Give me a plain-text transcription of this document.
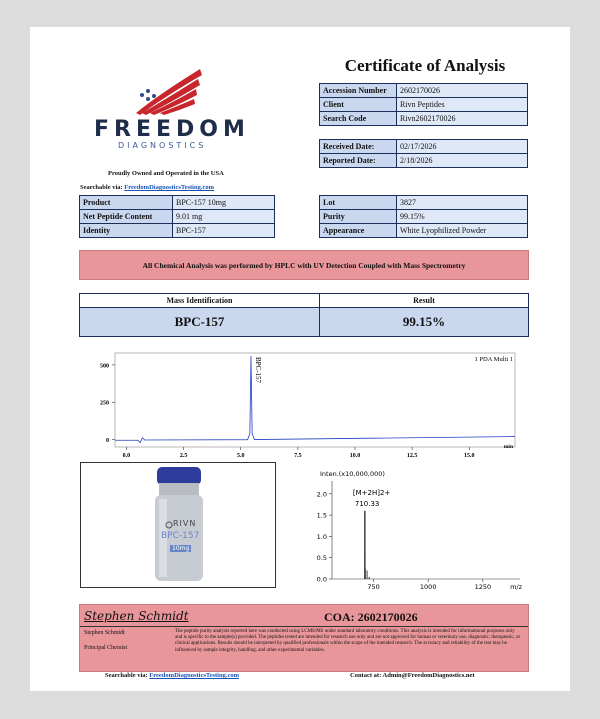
FREEDOM
DIAGNOSTICS
Proudly Owned and Operated in the USA
Searchable via: FreedomDiagnosticsTesting.com
Certificate of Analysis
Accession Number	2602170026
Client	Rivn Peptides
Search Code	Rivn2602170026
Received Date:	02/17/2026
Reported Date:	2/18/2026
Product	BPC-157 10mg
Net Peptide Content	9.01 mg
Identity	BPC-157
Lot	3827
Purity	99.15%
Appearance	White Lyophilized Powder
All Chemical Analysis was performed by HPLC with UV Detection Coupled with Mass Spectrometry
Mass Identification	Result
BPC-157	99.15%
0
250
500
0.0	2.5	5.0	7.5	10.0	12.5	15.0
min
1 PDA Multi 1
BPC-157
RIVN
BPC-157
10mg
Inten.(x10,000,000)
0.0
0.5
1.0
1.5
2.0
750	1000	1250	m/z
[M+2H]2+
710.33
Stephen Schmidt	COA: 2602170026
Stephen Schmidt
Principal Chemist
The peptide purity analysis reported here was conducted using LCMS/MS under standard laboratory conditions. This analysis is intended for informational purposes only and is specific to the sample(s) provided. The peptides tested are intended for research use only and are not approved for human or veterinary use, diagnostic, therapeutic, or clinical applications. Results should be interpreted by qualified professionals within the scope of the intended research. The accuracy and reliability of the test may be influenced by sample integrity, handling, and other experimental variables.
Searchable via: FreedomDiagnosticsTesting.com	Contact at: Admin@FreedomDiagnostics.net
